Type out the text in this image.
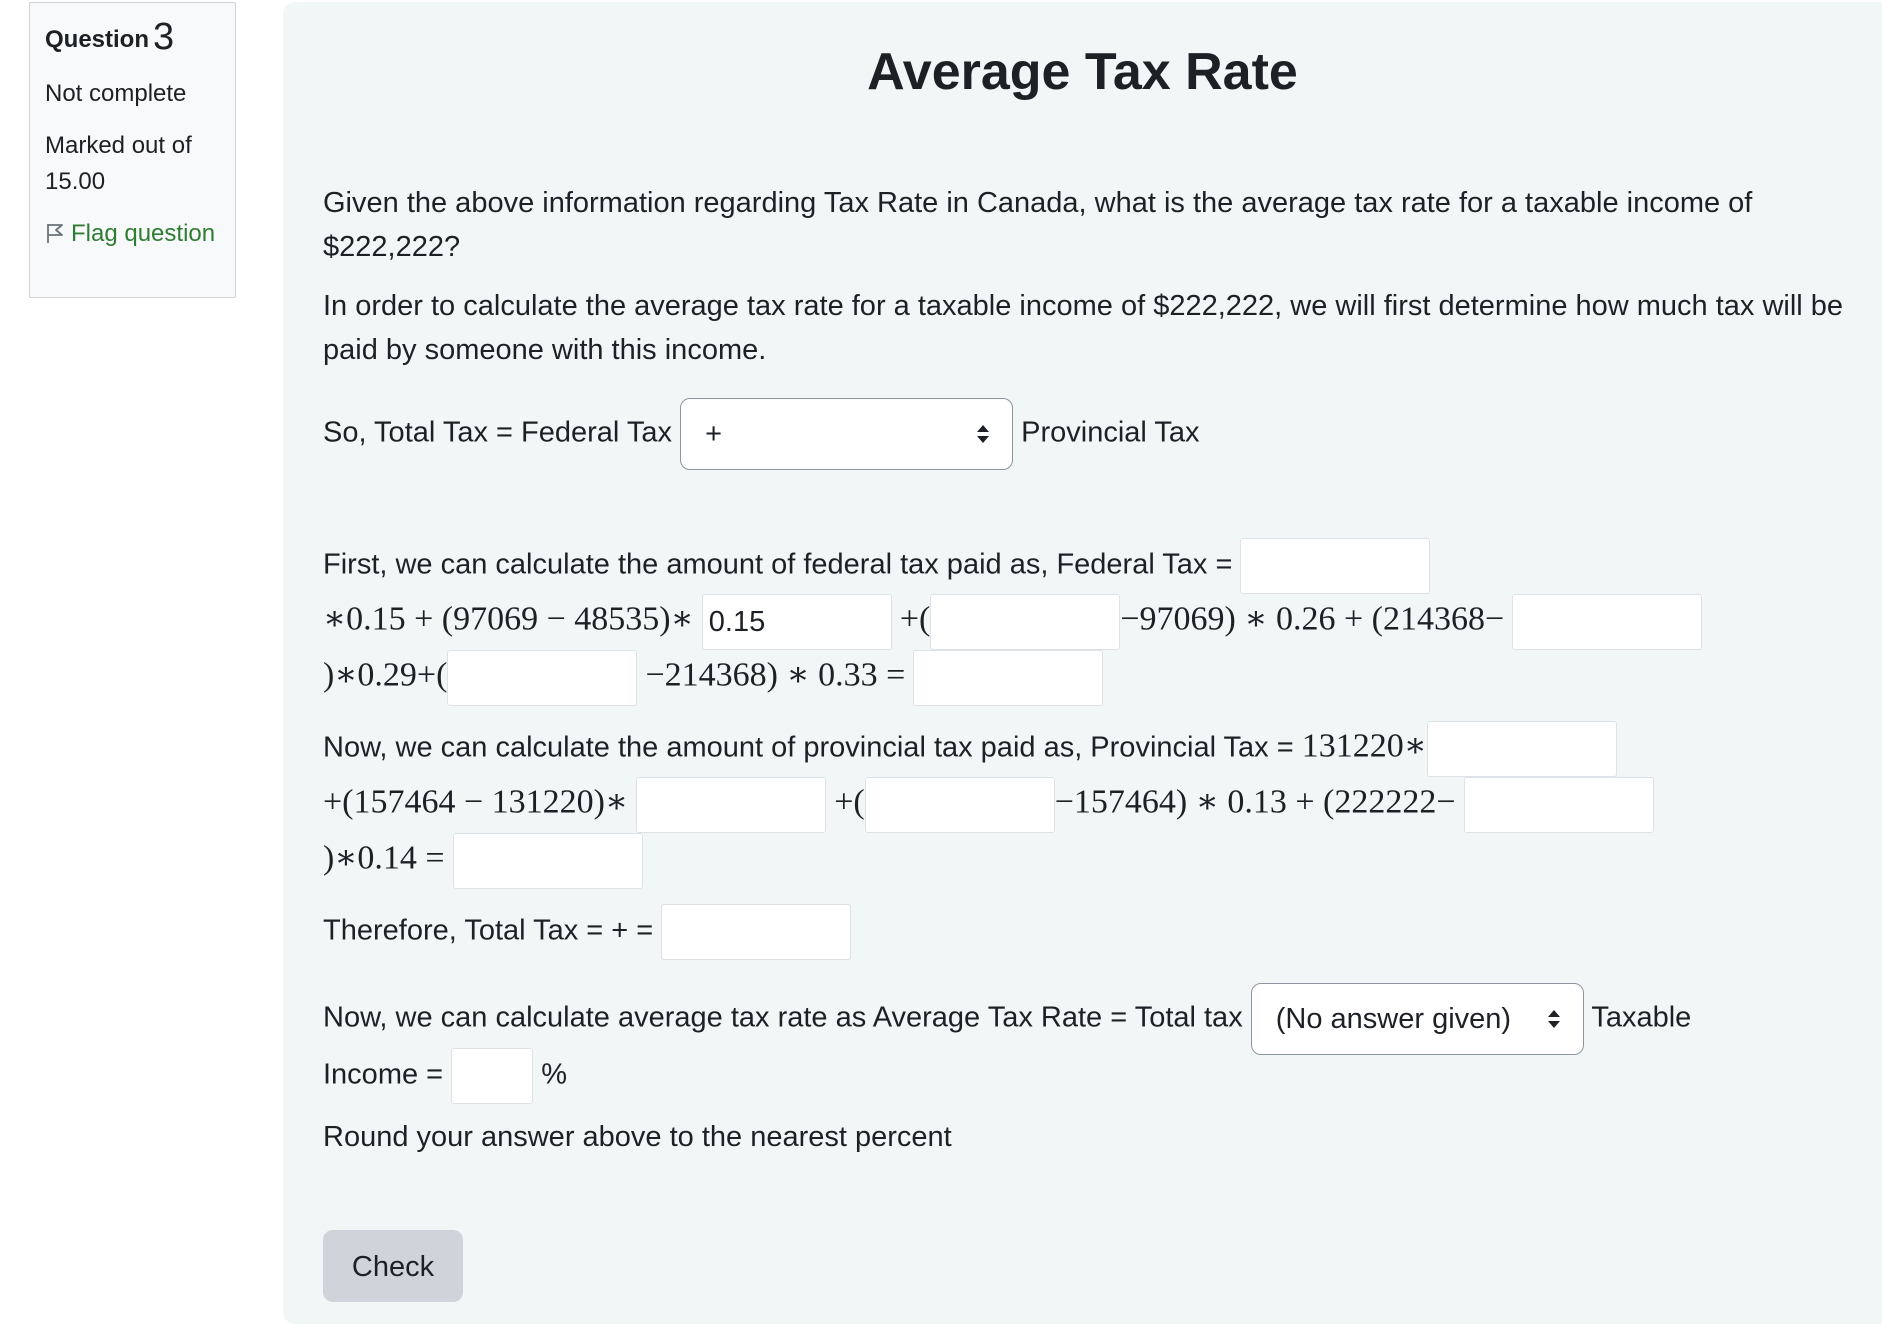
Question 3
Not complete
Marked out of 15.00
Flag question
Average Tax Rate

Given the above information regarding Tax Rate in Canada, what is the average tax rate for a taxable income of $222,222?

In order to calculate the average tax rate for a taxable income of $222,222, we will first determine how much tax will be paid by someone with this income.

So, Total Tax = Federal Tax +	Provincial Tax
First, we can calculate the amount of federal tax paid as, Federal Tax =
∗0.15 + (97069 − 48535)∗ 0.15	+(	−97069) ∗ 0.26 + (214368−
)∗0.29+(	−214368) ∗ 0.33 =
Now, we can calculate the amount of provincial tax paid as, Provincial Tax = 131220∗
+(157464 − 131220)∗	+(	−157464) ∗ 0.13 + (222222−
)∗0.14 =
Therefore, Total Tax = + =
Now, we can calculate average tax rate as Average Tax Rate = Total tax (No answer given)	Taxable
Income =	%
Round your answer above to the nearest percent
Check
